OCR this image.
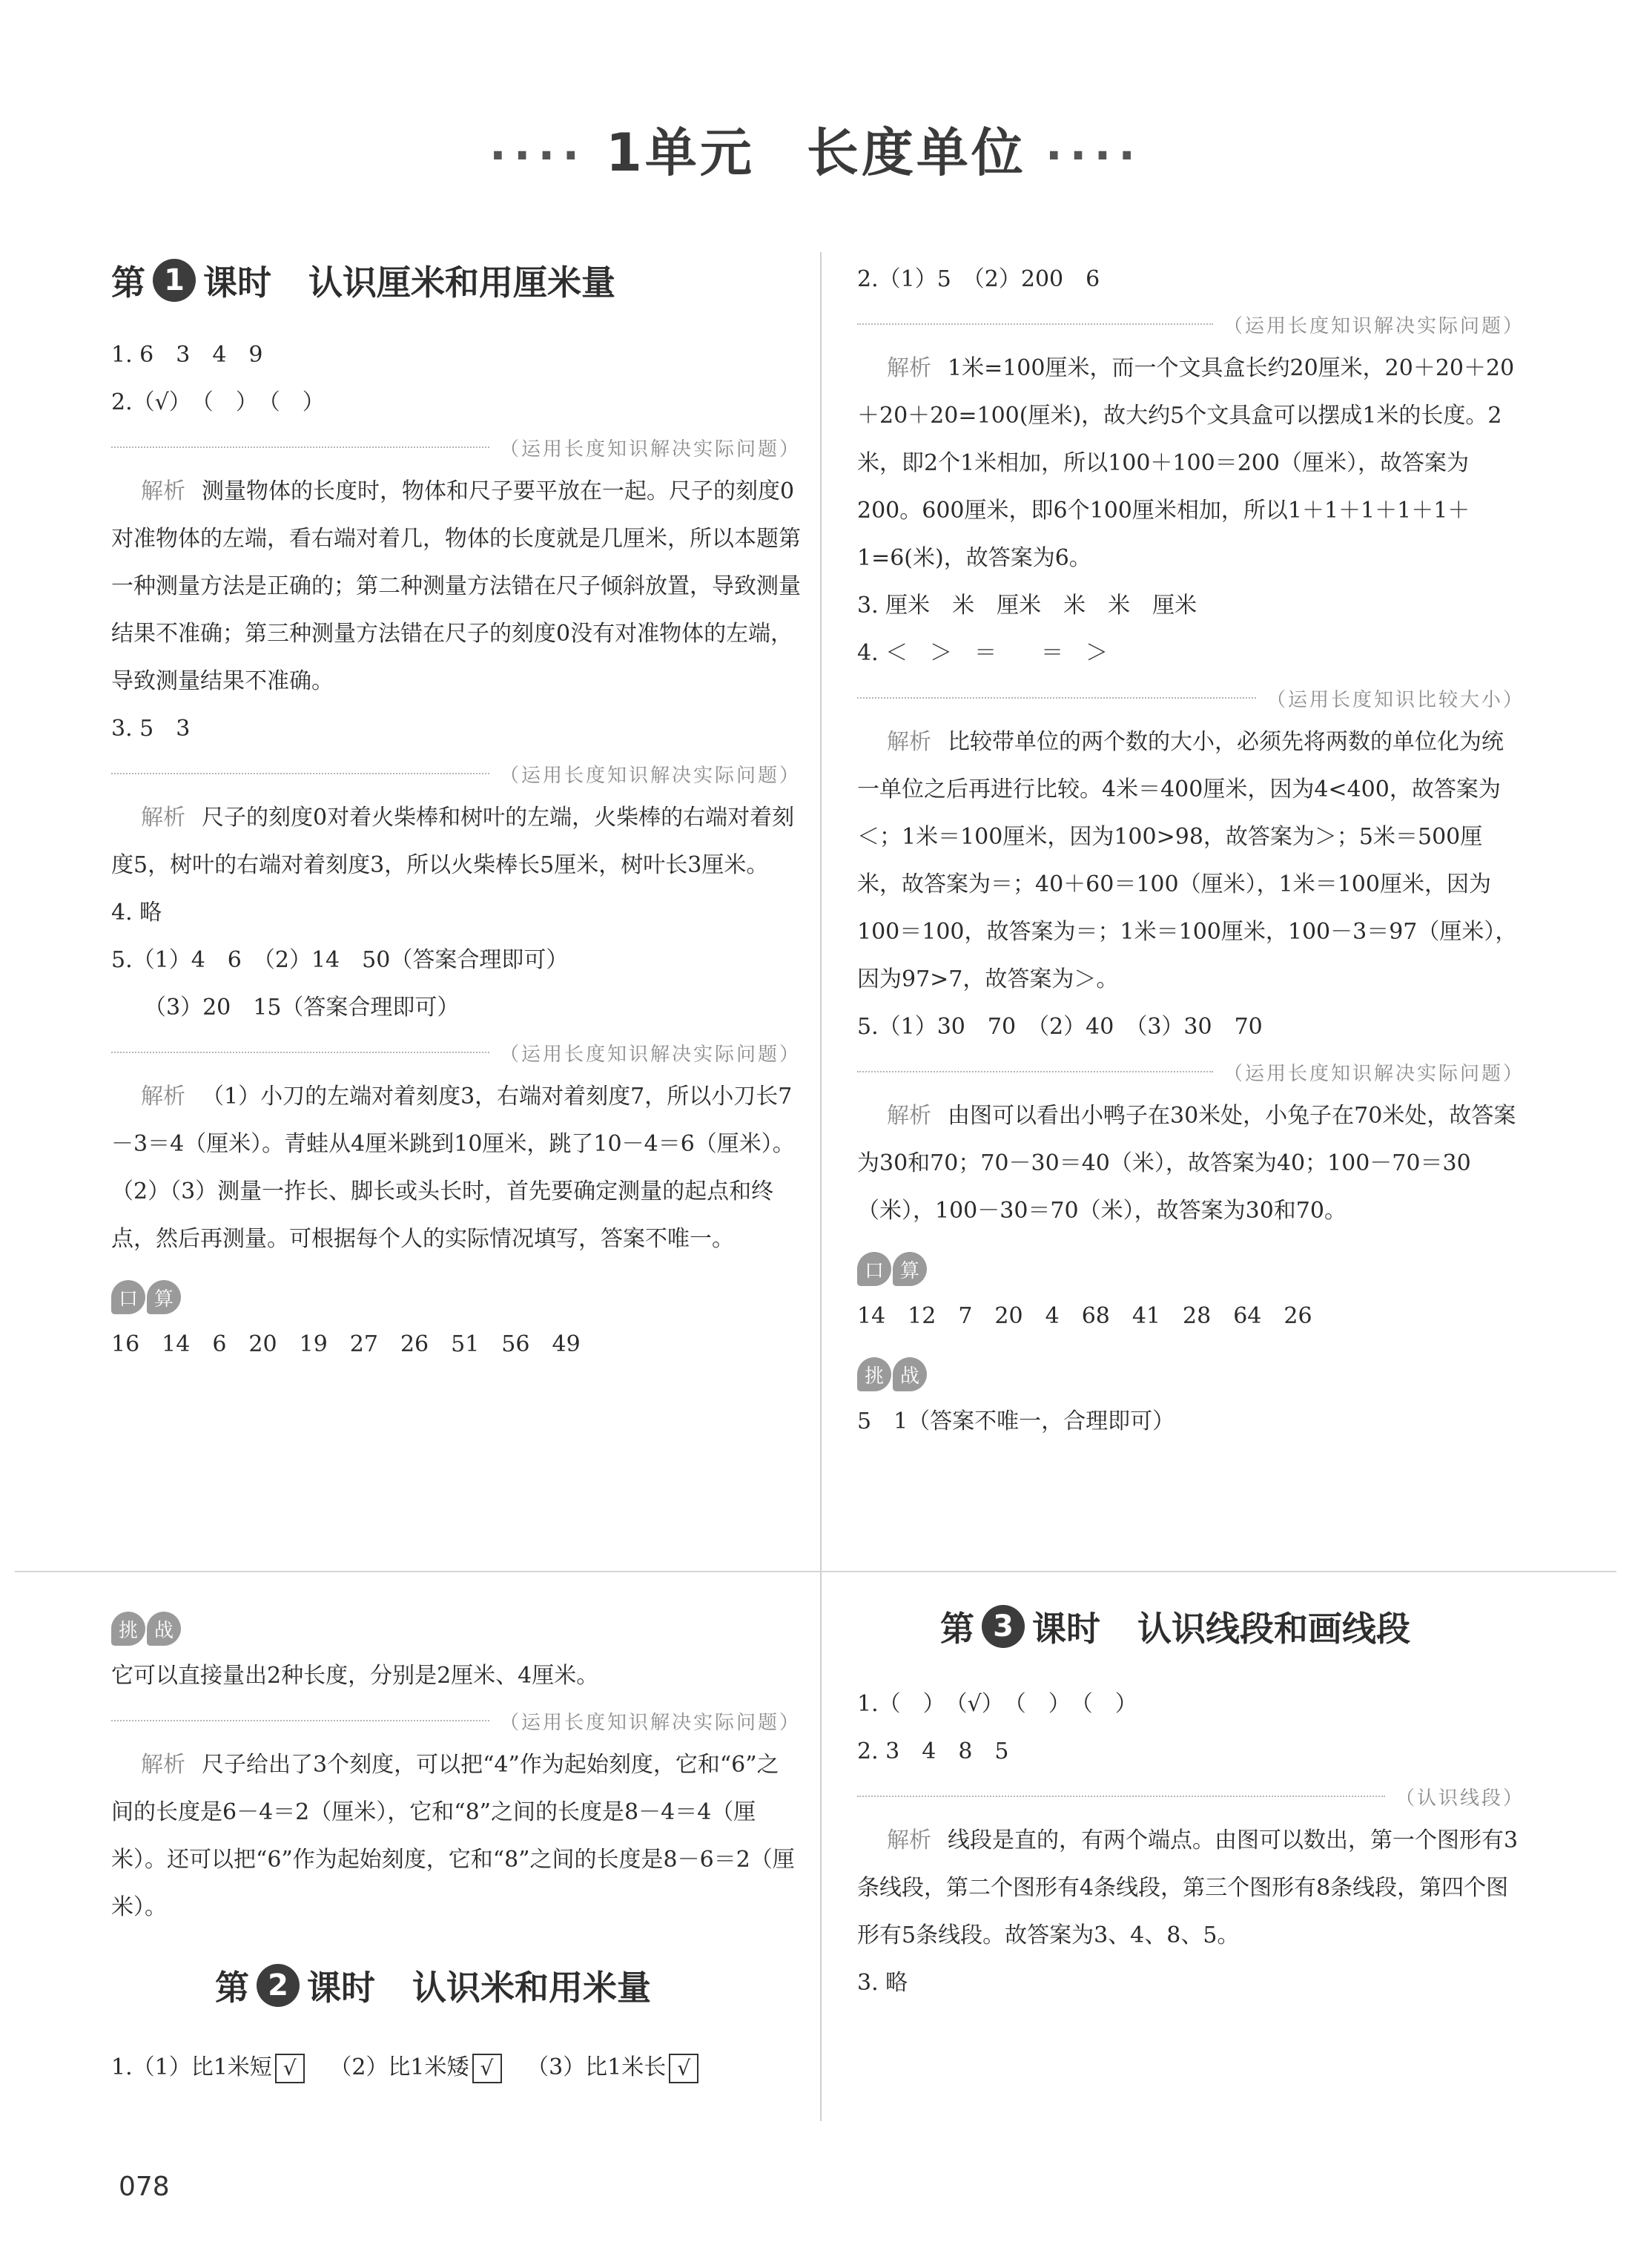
···· 1单元 长度单位 ····
第 1 课时 认识厘米和用厘米量
1. 6　3　4　9
2.（√）　（　）　（　）
（运用长度知识解决实际问题）
解析 测量物体的长度时，物体和尺子要平放在一起。尺子的刻度0对准物体的左端，看右端对着几，物体的长度就是几厘米，所以本题第一种测量方法是正确的；第二种测量方法错在尺子倾斜放置，导致测量结果不准确；第三种测量方法错在尺子的刻度0没有对准物体的左端，导致测量结果不准确。
3. 5　3
（运用长度知识解决实际问题）
解析 尺子的刻度0对着火柴棒和树叶的左端，火柴棒的右端对着刻度5，树叶的右端对着刻度3，所以火柴棒长5厘米，树叶长3厘米。
4. 略
5.（1）4　6　（2）14　50（答案合理即可）
（3）20　15（答案合理即可）
（运用长度知识解决实际问题）
解析 （1）小刀的左端对着刻度3，右端对着刻度7，所以小刀长7－3＝4（厘米）。青蛙从4厘米跳到10厘米，跳了10－4＝6（厘米）。（2）（3）测量一拃长、脚长或头长时，首先要确定测量的起点和终点，然后再测量。可根据每个人的实际情况填写，答案不唯一。
口 算
16　14　6　20　19　27　26　51　56　49
挑 战
它可以直接量出2种长度，分别是2厘米、4厘米。
（运用长度知识解决实际问题）
解析 尺子给出了3个刻度，可以把“4”作为起始刻度，它和“6”之间的长度是6－4＝2（厘米），它和“8”之间的长度是8－4＝4（厘米）。还可以把“6”作为起始刻度，它和“8”之间的长度是8－6＝2（厘米）。
第 2 课时 认识米和用米量
1.（1）比1米短 √ （2）比1米矮 √ （3）比1米长 √
2.（1）5　（2）200　6
（运用长度知识解决实际问题）
解析 1米=100厘米，而一个文具盒长约20厘米，20＋20＋20＋20＋20=100(厘米)，故大约5个文具盒可以摆成1米的长度。2米，即2个1米相加，所以100＋100＝200（厘米），故答案为200。600厘米，即6个100厘米相加，所以1＋1＋1＋1＋1＋1=6(米)，故答案为6。
3. 厘米　米　厘米　米　米　厘米
4. ＜　＞　＝　　＝　＞
（运用长度知识比较大小）
解析 比较带单位的两个数的大小，必须先将两数的单位化为统一单位之后再进行比较。4米＝400厘米，因为4<400，故答案为＜；1米＝100厘米，因为100>98，故答案为＞；5米＝500厘米，故答案为＝；40＋60＝100（厘米），1米＝100厘米，因为100＝100，故答案为＝；1米＝100厘米，100－3＝97（厘米），因为97>7，故答案为＞。
5.（1）30　70　（2）40　（3）30　70
（运用长度知识解决实际问题）
解析 由图可以看出小鸭子在30米处，小兔子在70米处，故答案为30和70；70－30＝40（米），故答案为40；100－70＝30（米），100－30＝70（米），故答案为30和70。
口 算
14　12　7　20　4　68　41　28　64　26
挑 战
5　1（答案不唯一，合理即可）
第 3 课时 认识线段和画线段
1.（　）　（√）　（　）　（　）
2. 3　4　8　5
（认识线段）
解析 线段是直的，有两个端点。由图可以数出，第一个图形有3条线段，第二个图形有4条线段，第三个图形有8条线段，第四个图形有5条线段。故答案为3、4、8、5。
3. 略
078
